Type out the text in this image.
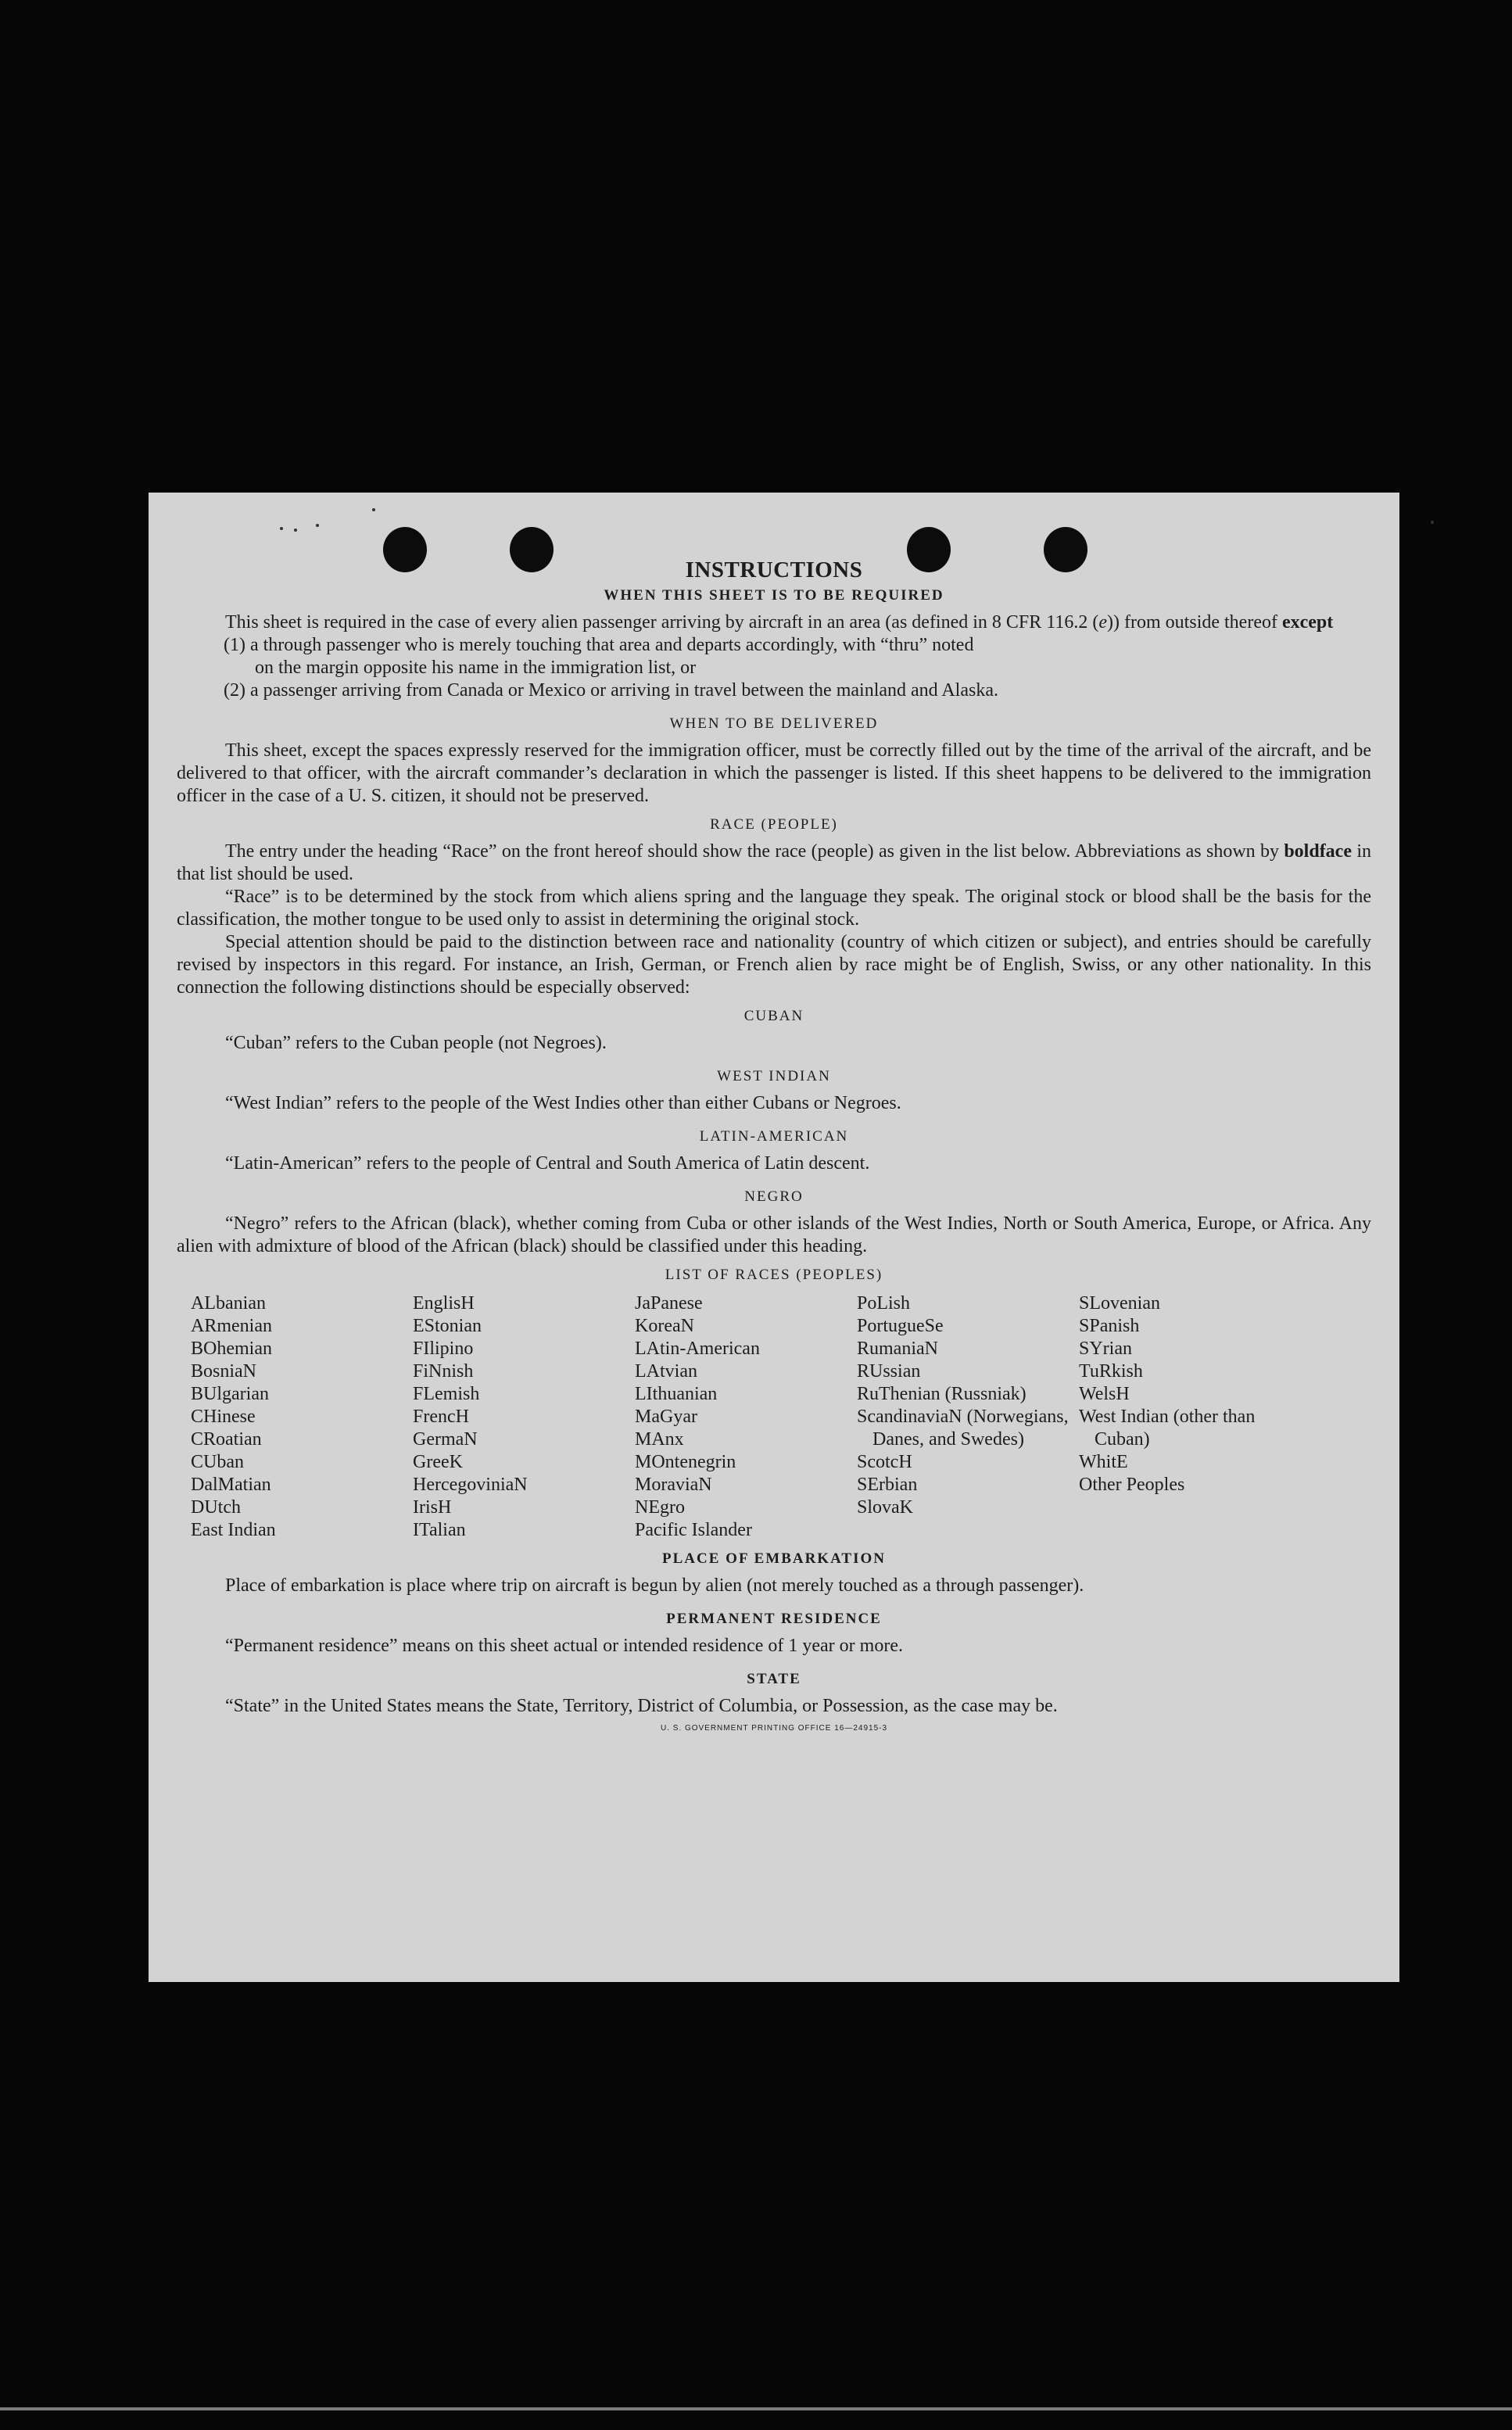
INSTRUCTIONS
WHEN THIS SHEET IS TO BE REQUIRED

This sheet is required in the case of every alien passenger arriving by aircraft in an area (as defined in 8 CFR 116.2 (e)) from outside thereof except

(1) a through passenger who is merely touching that area and departs accordingly, with “thru” noted
on the margin opposite his name in the immigration list, or

(2) a passenger arriving from Canada or Mexico or arriving in travel between the mainland and Alaska.

WHEN TO BE DELIVERED

This sheet, except the spaces expressly reserved for the immigration officer, must be correctly filled out by the time of the arrival of the aircraft, and be delivered to that officer, with the aircraft commander’s declaration in which the passenger is listed. If this sheet happens to be delivered to the immigration officer in the case of a U. S. citizen, it should not be preserved.

RACE (PEOPLE)

The entry under the heading “Race” on the front hereof should show the race (people) as given in the list below. Abbreviations as shown by boldface in that list should be used.

“Race” is to be determined by the stock from which aliens spring and the language they speak. The original stock or blood shall be the basis for the classification, the mother tongue to be used only to assist in determining the original stock.

Special attention should be paid to the distinction between race and nationality (country of which citizen or subject), and entries should be carefully revised by inspectors in this regard. For instance, an Irish, German, or French alien by race might be of English, Swiss, or any other nationality. In this connection the following distinctions should be especially observed:

CUBAN

“Cuban” refers to the Cuban people (not Negroes).

WEST INDIAN

“West Indian” refers to the people of the West Indies other than either Cubans or Negroes.

LATIN-AMERICAN

“Latin-American” refers to the people of Central and South America of Latin descent.

NEGRO

“Negro” refers to the African (black), whether coming from Cuba or other islands of the West Indies, North or South America, Europe, or Africa. Any alien with admixture of blood of the African (black) should be classified under this heading.

LIST OF RACES (PEOPLES)
ALbanian
ARmenian
BOhemian
BosniaN
BUlgarian
CHinese
CRoatian
CUban
DalMatian
DUtch
East Indian
EnglisH
EStonian
FIlipino
FiNnish
FLemish
FrencH
GermaN
GreeK
HercegoviniaN
IrisH
ITalian
JaPanese
KoreaN
LAtin-American
LAtvian
LIthuanian
MaGyar
MAnx
MOntenegrin
MoraviaN
NEgro
Pacific Islander
PoLish
PortugueSe
RumaniaN
RUssian
RuThenian (Russniak)
ScandinaviaN (Norwegians, Danes, and Swedes)
ScotcH
SErbian
SlovaK
SLovenian
SPanish
SYrian
TuRkish
WelsH
West Indian (other than Cuban)
WhitE
Other Peoples
PLACE OF EMBARKATION

Place of embarkation is place where trip on aircraft is begun by alien (not merely touched as a through passenger).

PERMANENT RESIDENCE

“Permanent residence” means on this sheet actual or intended residence of 1 year or more.

STATE

“State” in the United States means the State, Territory, District of Columbia, or Possession, as the case may be.

U. S. GOVERNMENT PRINTING OFFICE 16—24915-3
